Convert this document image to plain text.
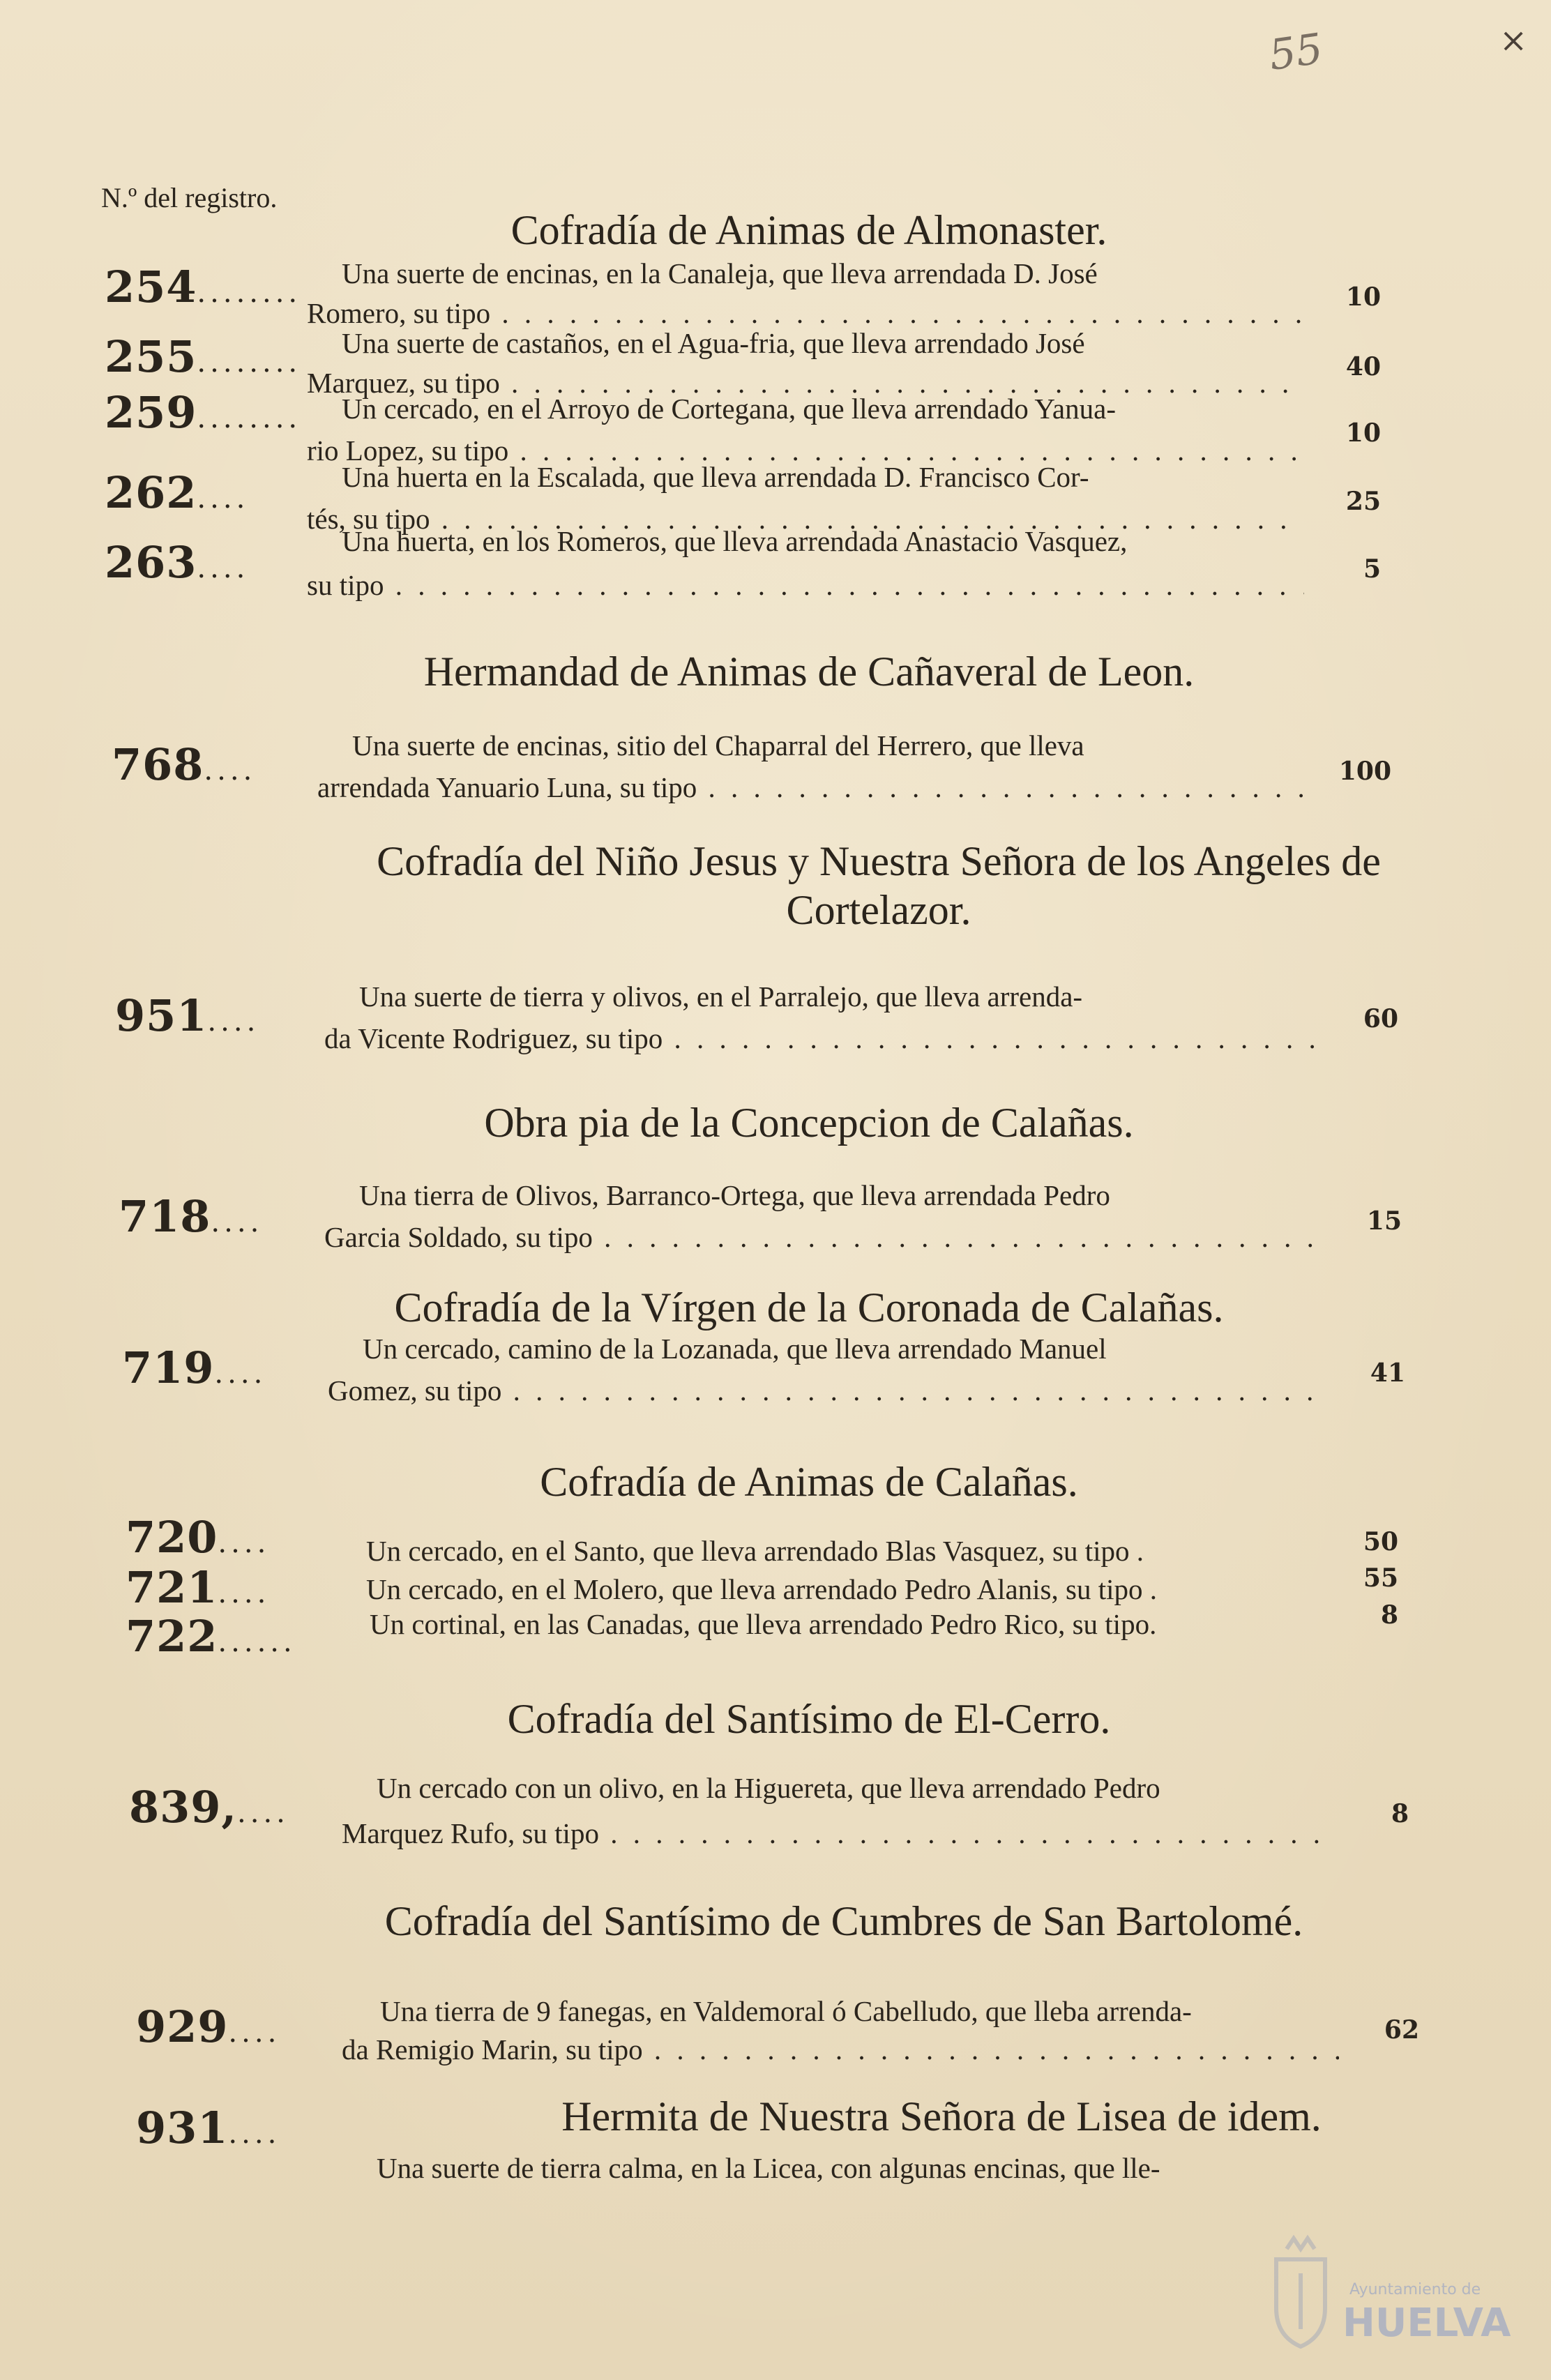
55	×
N.º del registro.
Cofradía de Animas de Almonaster.
254........
Una suerte de encinas, en la Canaleja, que lleva arrendada D. José
Romero, su tipo . . .	10
255........
Una suerte de castaños, en el Agua-fria, que lleva arrendado José
Marquez, su tipo . . .	40
259........ Un cercado, en el Arroyo de Cortegana, que lleva arrendado Yanua-
rio Lopez, su tipo . . .
10
262....
Una huerta en la Escalada, que lleva arrendada D. Francisco Cor-
tés, su tipo . . .
25
263....
Una huerta, en los Romeros, que lleva arrendada Anastacio Vasquez,
su tipo . . .	5
Hermandad de Animas de Cañaveral de Leon.
768....
Una suerte de encinas, sitio del Chaparral del Herrero, que lleva
arrendada Yanuario Luna, su tipo . . .	100
Cofradía del Niño Jesus y Nuestra Señora de los Angeles de Cortelazor.
951....
Una suerte de tierra y olivos, en el Parralejo, que lleva arrenda-
da Vicente Rodriguez, su tipo . . .
60
Obra pia de la Concepcion de Calañas.
718....
Una tierra de Olivos, Barranco-Ortega, que lleva arrendada Pedro
Garcia Soldado, su tipo . . .	15
Cofradía de la Vírgen de la Coronada de Calañas.
719....
Un cercado, camino de la Lozanada, que lleva arrendado Manuel
Gomez, su tipo . . .
41
Cofradía de Animas de Calañas.
720....	Un cercado, en el Santo, que lleva arrendado Blas Vasquez, su tipo .	50
721....	Un cercado, en el Molero, que lleva arrendado Pedro Alanis, su tipo .	55
722......
Un cortinal, en las Canadas, que lleva arrendado Pedro Rico, su tipo.	8
Cofradía del Santísimo de El-Cerro.
839,....
Un cercado con un olivo, en la Higuereta, que lleva arrendado Pedro
Marquez Rufo, su tipo . . .
8
Cofradía del Santísimo de Cumbres de San Bartolomé.
929....
Una tierra de 9 fanegas, en Valdemoral ó Cabelludo, que lleba arrenda-
da Remigio Marin, su tipo . . .
62
931....	Hermita de Nuestra Señora de Lisea de idem.
Una suerte de tierra calma, en la Licea, con algunas encinas, que lle-
Ayuntamiento de
HUELVA
